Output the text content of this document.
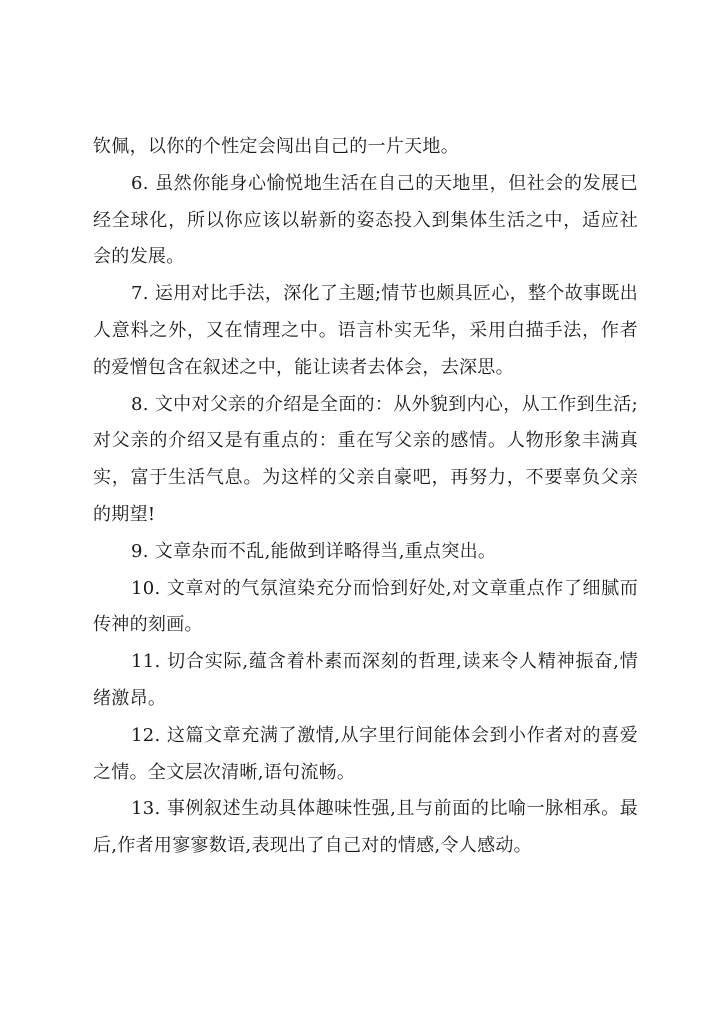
钦佩，以你的个性定会闯出自己的一片天地。

6. 虽然你能身心愉悦地生活在自己的天地里，但社会的发展已经全球化，所以你应该以崭新的姿态投入到集体生活之中，适应社会的发展。

7. 运用对比手法，深化了主题;情节也颇具匠心，整个故事既出人意料之外，又在情理之中。语言朴实无华，采用白描手法，作者的爱憎包含在叙述之中，能让读者去体会，去深思。

8. 文中对父亲的介绍是全面的：从外貌到内心，从工作到生活;对父亲的介绍又是有重点的：重在写父亲的感情。人物形象丰满真实，富于生活气息。为这样的父亲自豪吧，再努力，不要辜负父亲的期望!

9. 文章杂而不乱,能做到详略得当,重点突出。

10. 文章对的气氛渲染充分而恰到好处,对文章重点作了细腻而传神的刻画。

11. 切合实际,蕴含着朴素而深刻的哲理,读来令人精神振奋,情绪激昂。

12. 这篇文章充满了激情,从字里行间能体会到小作者对的喜爱之情。全文层次清晰,语句流畅。

13. 事例叙述生动具体趣味性强,且与前面的比喻一脉相承。最后,作者用寥寥数语,表现出了自己对的情感,令人感动。
